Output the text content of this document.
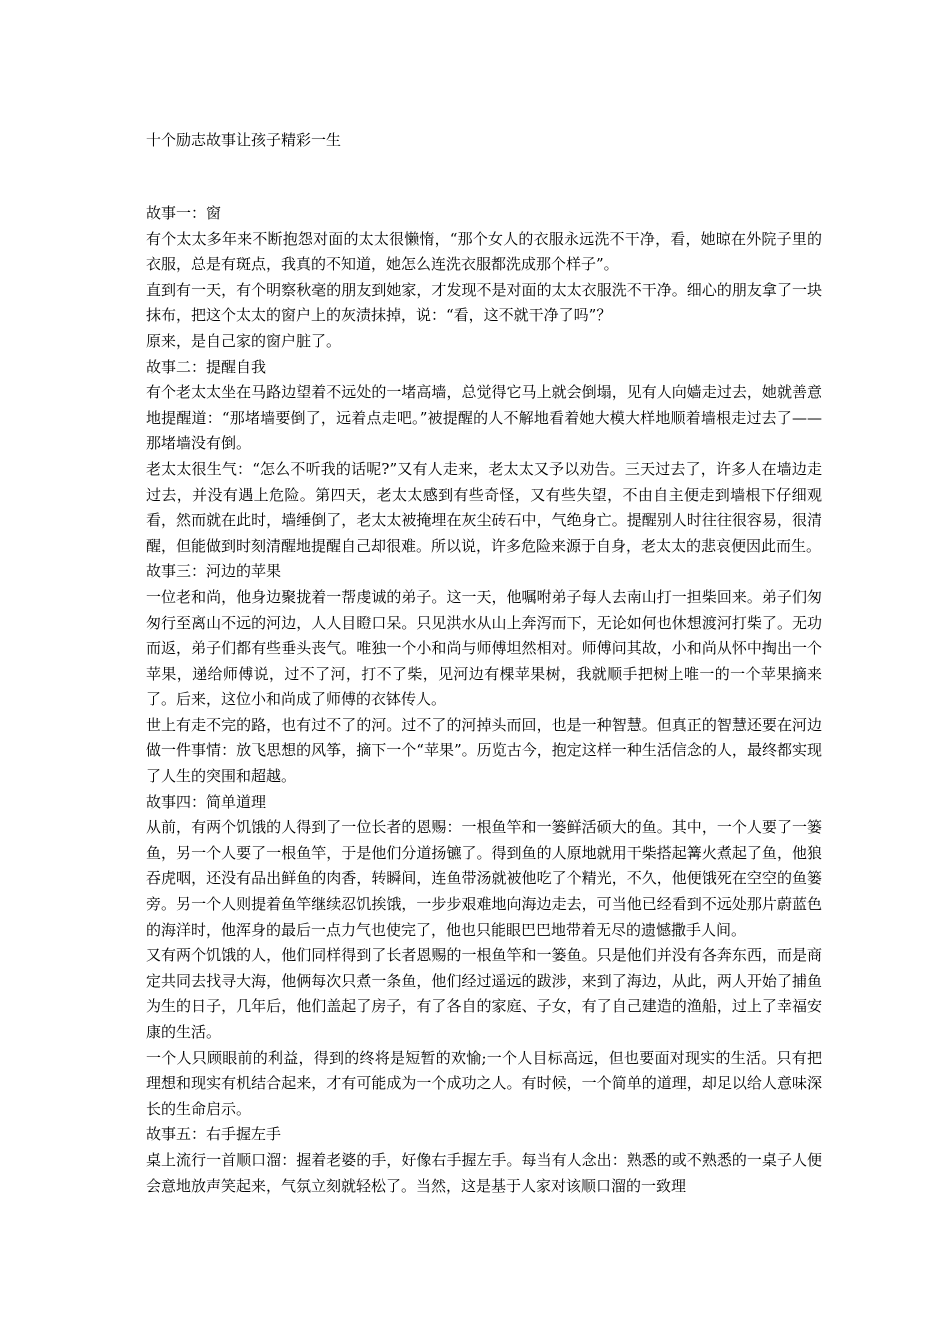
十个励志故事让孩子精彩一生
故事一：窗
有个太太多年来不断抱怨对面的太太很懒惰，“那个女人的衣服永远洗不干净，看，她晾在外院子里的衣服，总是有斑点，我真的不知道，她怎么连洗衣服都洗成那个样子”。
直到有一天，有个明察秋毫的朋友到她家，才发现不是对面的太太衣服洗不干净。细心的朋友拿了一块抹布，把这个太太的窗户上的灰渍抹掉，说：“看，这不就干净了吗”？
原来，是自己家的窗户脏了。
故事二：提醒自我
有个老太太坐在马路边望着不远处的一堵高墙，总觉得它马上就会倒塌，见有人向嫱走过去，她就善意地提醒道：“那堵墙要倒了，远着点走吧。”被提醒的人不解地看着她大模大样地顺着墙根走过去了——那堵墙没有倒。
老太太很生气：“怎么不听我的话呢?”又有人走来，老太太又予以劝告。三天过去了，许多人在墙边走过去，并没有遇上危险。第四天，老太太感到有些奇怪，又有些失望，不由自主便走到墙根下仔细观看，然而就在此时，墙缍倒了，老太太被掩埋在灰尘砖石中，气绝身亡。提醒别人时往往很容易，很清醒，但能做到时刻清醒地提醒自己却很难。所以说，许多危险来源于自身，老太太的悲哀便因此而生。
故事三：河边的苹果
一位老和尚，他身边聚拢着一帮虔诚的弟子。这一天，他嘱咐弟子每人去南山打一担柴回来。弟子们匆匆行至离山不远的河边，人人目瞪口呆。只见洪水从山上奔泻而下，无论如何也休想渡河打柴了。无功而返，弟子们都有些垂头丧气。唯独一个小和尚与师傅坦然相对。师傅问其故，小和尚从怀中掏出一个苹果，递给师傅说，过不了河，打不了柴，见河边有棵苹果树，我就顺手把树上唯一的一个苹果摘来了。后来，这位小和尚成了师傅的衣钵传人。
世上有走不完的路，也有过不了的河。过不了的河掉头而回，也是一种智慧。但真正的智慧还要在河边做一件事情：放飞思想的风筝，摘下一个“苹果”。历览古今，抱定这样一种生活信念的人，最终都实现了人生的突围和超越。
故事四：简单道理
从前，有两个饥饿的人得到了一位长者的恩赐：一根鱼竿和一篓鲜活硕大的鱼。其中，一个人要了一篓鱼，另一个人要了一根鱼竿，于是他们分道扬镳了。得到鱼的人原地就用干柴搭起篝火煮起了鱼，他狼吞虎咽，还没有品出鲜鱼的肉香，转瞬间，连鱼带汤就被他吃了个精光，不久，他便饿死在空空的鱼篓旁。另一个人则提着鱼竿继续忍饥挨饿，一步步艰难地向海边走去，可当他已经看到不远处那片蔚蓝色的海洋时，他浑身的最后一点力气也使完了，他也只能眼巴巴地带着无尽的遗憾撒手人间。
又有两个饥饿的人，他们同样得到了长者恩赐的一根鱼竿和一篓鱼。只是他们并没有各奔东西，而是商定共同去找寻大海，他俩每次只煮一条鱼，他们经过遥远的跋涉，来到了海边，从此，两人开始了捕鱼为生的日子，几年后，他们盖起了房子，有了各自的家庭、子女，有了自己建造的渔船，过上了幸福安康的生活。
一个人只顾眼前的利益，得到的终将是短暂的欢愉;一个人目标高远，但也要面对现实的生活。只有把理想和现实有机结合起来，才有可能成为一个成功之人。有时候，一个简单的道理，却足以给人意味深长的生命启示。
故事五：右手握左手
桌上流行一首顺口溜：握着老婆的手，好像右手握左手。每当有人念出：熟悉的或不熟悉的一桌子人便会意地放声笑起来，气氛立刻就轻松了。当然，这是基于人家对该顺口溜的一致理
